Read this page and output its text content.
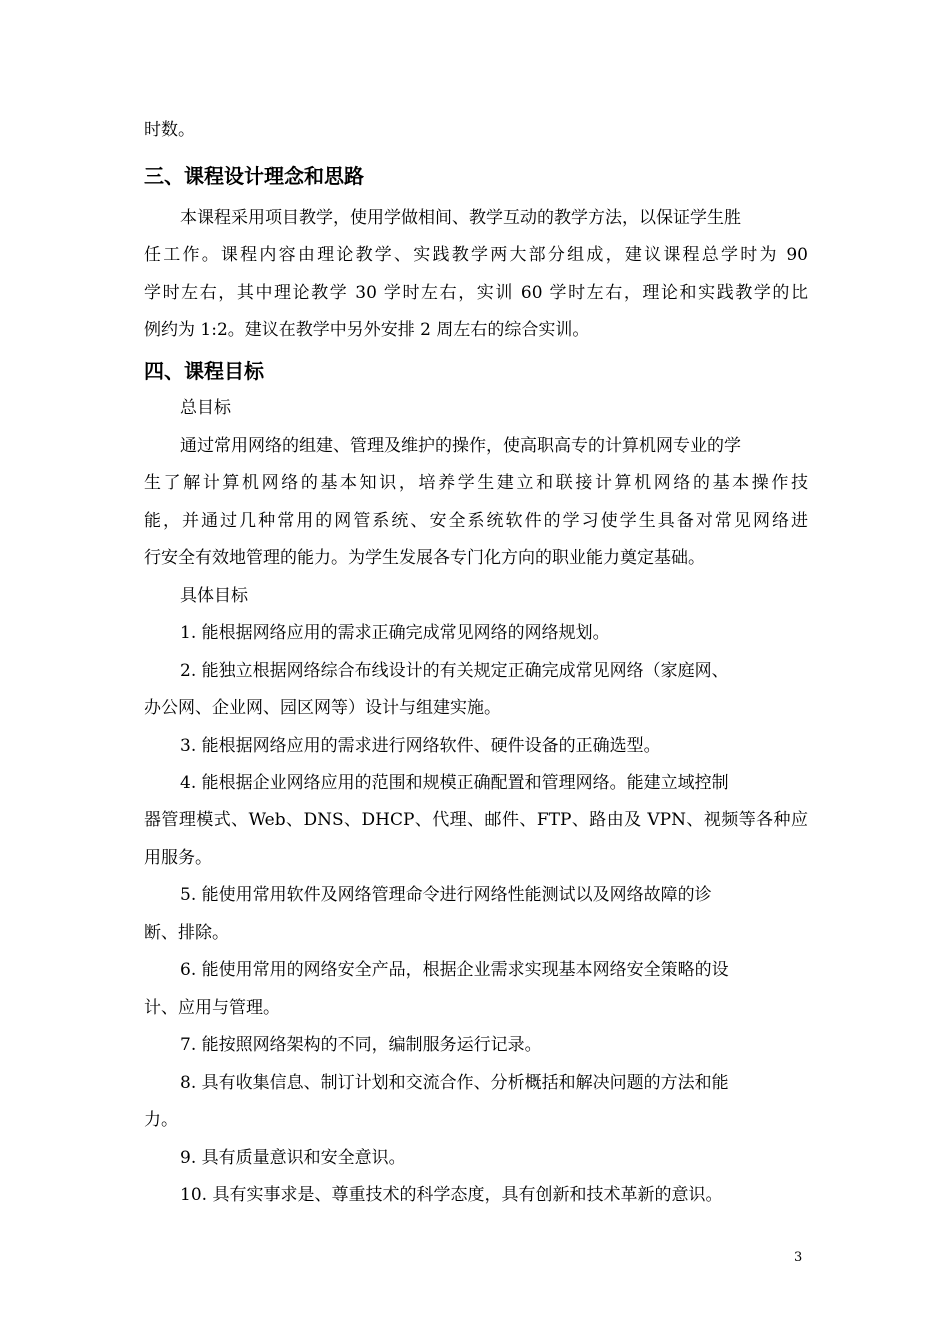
时数。

三、课程设计理念和思路

本课程采用项目教学，使用学做相间、教学互动的教学方法，以保证学生胜

任工作。课程内容由理论教学、实践教学两大部分组成，建议课程总学时为 90

学时左右，其中理论教学 30 学时左右，实训 60 学时左右，理论和实践教学的比

例约为 1:2。建议在教学中另外安排 2 周左右的综合实训。

四、课程目标

总目标

通过常用网络的组建、管理及维护的操作，使高职高专的计算机网专业的学

生了解计算机网络的基本知识，培养学生建立和联接计算机网络的基本操作技

能，并通过几种常用的网管系统、安全系统软件的学习使学生具备对常见网络进

行安全有效地管理的能力。为学生发展各专门化方向的职业能力奠定基础。

具体目标

1. 能根据网络应用的需求正确完成常见网络的网络规划。

2. 能独立根据网络综合布线设计的有关规定正确完成常见网络（家庭网、

办公网、企业网、园区网等）设计与组建实施。

3. 能根据网络应用的需求进行网络软件、硬件设备的正确选型。

4. 能根据企业网络应用的范围和规模正确配置和管理网络。能建立域控制

器管理模式、Web、DNS、DHCP、代理、邮件、FTP、路由及 VPN、视频等各种应

用服务。

5. 能使用常用软件及网络管理命令进行网络性能测试以及网络故障的诊

断、排除。

6. 能使用常用的网络安全产品，根据企业需求实现基本网络安全策略的设

计、应用与管理。

7. 能按照网络架构的不同，编制服务运行记录。

8. 具有收集信息、制订计划和交流合作、分析概括和解决问题的方法和能

力。

9. 具有质量意识和安全意识。

10. 具有实事求是、尊重技术的科学态度，具有创新和技术革新的意识。

3
